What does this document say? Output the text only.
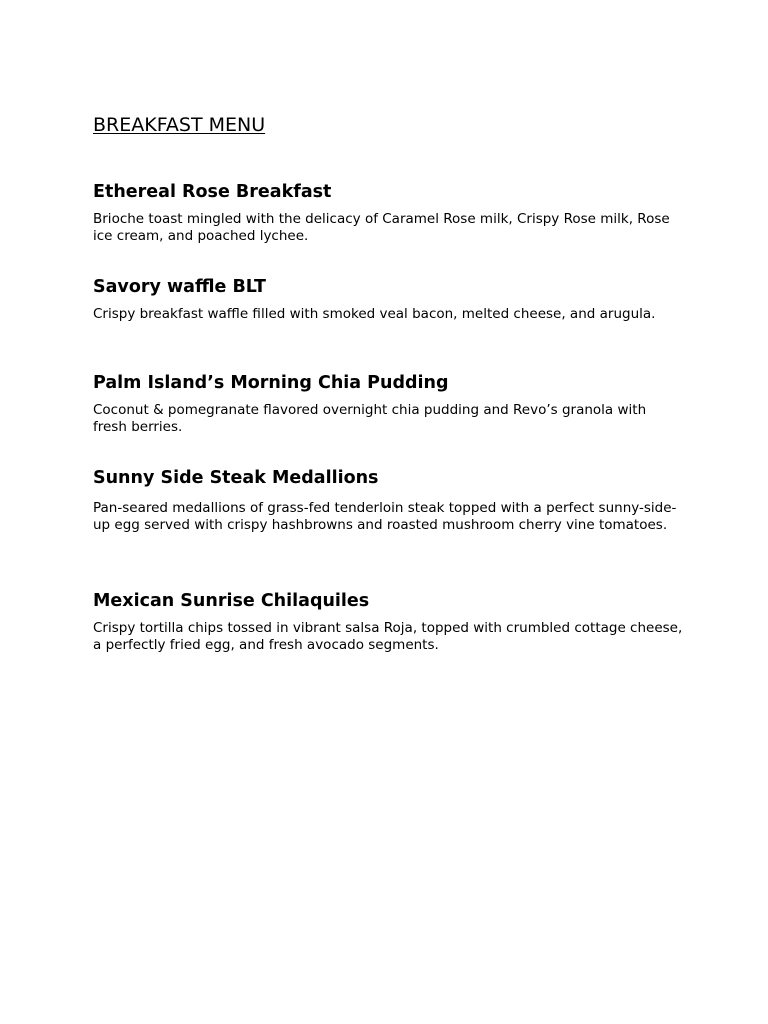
BREAKFAST MENU
Ethereal Rose Breakfast

Brioche toast mingled with the delicacy of Caramel Rose milk, Crispy Rose milk, Rose ice cream, and poached lychee.

Savory waffle BLT

Crispy breakfast waffle filled with smoked veal bacon, melted cheese, and arugula.

Palm Island’s Morning Chia Pudding

Coconut & pomegranate flavored overnight chia pudding and Revo’s granola with fresh berries.

Sunny Side Steak Medallions

Pan-seared medallions of grass-fed tenderloin steak topped with a perfect sunny-side-up egg served with crispy hashbrowns and roasted mushroom cherry vine tomatoes.

Mexican Sunrise Chilaquiles

Crispy tortilla chips tossed in vibrant salsa Roja, topped with crumbled cottage cheese, a perfectly fried egg, and fresh avocado segments.
